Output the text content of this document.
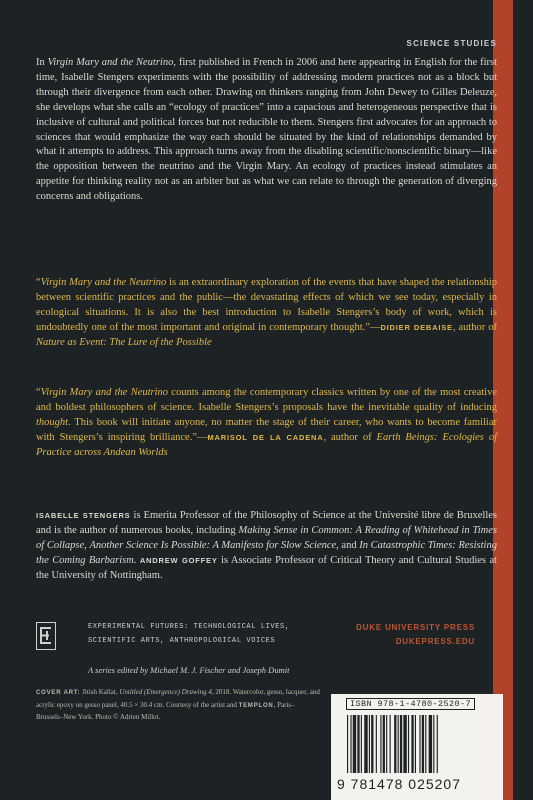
SCIENCE STUDIES

In Virgin Mary and the Neutrino, first published in French in 2006 and here appearing in English for the first time, Isabelle Stengers experiments with the possibility of addressing modern practices not as a block but through their divergence from each other. Drawing on thinkers ranging from John Dewey to Gilles Deleuze, she develops what she calls an “ecology of practices” into a capacious and heterogeneous perspective that is inclusive of cultural and political forces but not reducible to them. Stengers first advocates for an approach to sciences that would emphasize the way each should be situated by the kind of relationships demanded by what it attempts to address. This approach turns away from the disabling scientific/nonscientific binary—like the opposition between the neutrino and the Virgin Mary. An ecology of practices instead stimulates an appetite for thinking reality not as an arbiter but as what we can relate to through the generation of diverging concerns and obligations.

“Virgin Mary and the Neutrino is an extraordinary exploration of the events that have shaped the relationship between scientific practices and the public—the devastating effects of which we see today, especially in ecological situations. It is also the best introduction to Isabelle Stengers’s body of work, which is undoubtedly one of the most important and original in contemporary thought.”—DIDIER DEBAISE, author of Nature as Event: The Lure of the Possible

“Virgin Mary and the Neutrino counts among the contemporary classics written by one of the most creative and boldest philosophers of science. Isabelle Stengers’s proposals have the inevitable quality of inducing thought. This book will initiate anyone, no matter the stage of their career, who wants to become familiar with Stengers’s inspiring brilliance.”—MARISOL DE LA CADENA, author of Earth Beings: Ecologies of Practice across Andean Worlds

ISABELLE STENGERS is Emerita Professor of the Philosophy of Science at the Université libre de Bruxelles and is the author of numerous books, including Making Sense in Common: A Reading of Whitehead in Times of Collapse, Another Science Is Possible: A Manifesto for Slow Science, and In Catastrophic Times: Resisting the Coming Barbarism. ANDREW GOFFEY is Associate Professor of Critical Theory and Cultural Studies at the University of Nottingham.

EXPERIMENTAL FUTURES: TECHNOLOGICAL LIVES,
SCIENTIFIC ARTS, ANTHROPOLOGICAL VOICES

A series edited by Michael M. J. Fischer and Joseph Dumit

DUKE UNIVERSITY PRESS
DUKEPRESS.EDU

COVER ART: Jitish Kallat, Untitled (Emergence) Drawing 4, 2018. Watercolor, gesso, lacquer, and acrylic epoxy on gesso panel, 40.5 × 30.4 cm. Courtesy of the artist and TEMPLON, Paris–Brussels–New York. Photo © Adrien Millot.

ISBN 978-1-4780-2520-7
9 781478 025207
